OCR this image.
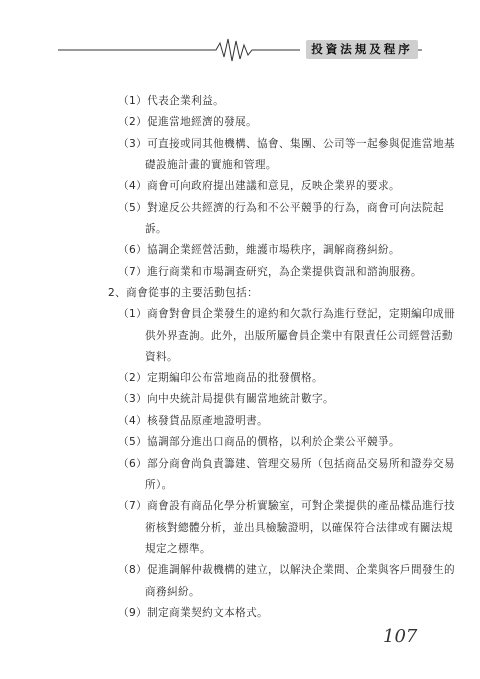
投資法規及程序
（1）代表企業利益。
（2）促進當地經濟的發展。
（3）可直接或同其他機構、協會、集團、公司等一起參與促進當地基
礎設施計畫的實施和管理。
（4）商會可向政府提出建議和意見，反映企業界的要求。
（5）對違反公共經濟的行為和不公平競爭的行為，商會可向法院起
訴。
（6）協調企業經營活動，維護市場秩序，調解商務糾紛。
（7）進行商業和市場調查研究，為企業提供資訊和諮詢服務。
2、商會從事的主要活動包括：
（1）商會對會員企業發生的違約和欠款行為進行登記，定期編印成冊
供外界查詢。此外，出版所屬會員企業中有限責任公司經營活動
資料。
（2）定期編印公布當地商品的批發價格。
（3）向中央統計局提供有關當地統計數字。
（4）核發貨品原產地證明書。
（5）協調部分進出口商品的價格，以利於企業公平競爭。
（6）部分商會尚負責籌建、管理交易所（包括商品交易所和證券交易
所）。
（7）商會設有商品化學分析實驗室，可對企業提供的產品樣品進行技
術核對總體分析，並出具檢驗證明，以確保符合法律或有關法規
規定之標準。
（8）促進調解仲裁機構的建立，以解決企業間、企業與客戶間發生的
商務糾紛。
（9）制定商業契約文本格式。
107
